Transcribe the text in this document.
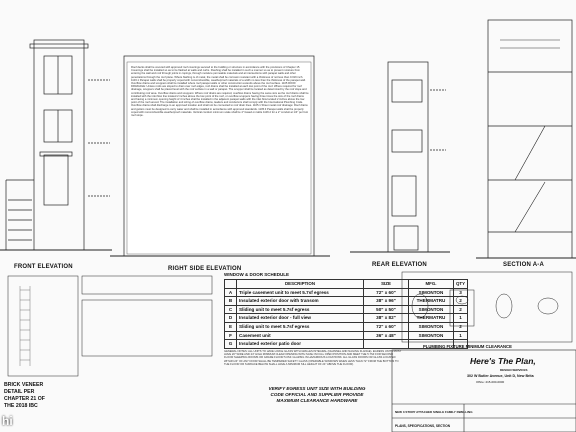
FRONT ELEVATION	RIGHT SIDE ELEVATION
REAR ELEVATION	SECTION A-A
Roof decks shall be covered with approved roof coverings secured to the building or structure in accordance with the provisions of Chapter 15. Coverings shall be installed so as to be flashed at walls and curbs. Flashing shall be installed in such a manner so as to prevent moisture from entering the wall and roof through joints in copings, through moisture permeable materials and at intersections with parapet walls and other penetrations through the roof plane. Where flashing is of metal, the metal shall be corrosion resistant with a thickness of not less than 0.019 inch. 1103.1 Parapet walls shall be properly coped with noncombustible, weatherproof materials of a width no less than the thickness of the parapet wall. Overflow drains and scuppers shall be installed where roof parapet walls or other construction extends above the roof surface. 1105 ROOF DRAINAGE: Unless roofs are sloped to drain over roof edges, roof drains shall be installed at each low point of the roof. Where required for roof drainage, scuppers shall be placed level with the roof surface in a wall or parapet. The scupper shall be located as determined by the roof slope and contributing roof area. Overflow drains and scuppers: Where roof drains are required, overflow drains having the same size as the roof drains shall be installed with the inlet flow line located 2 inches above the low point of the roof, or overflow scuppers having three times the size of the roof drains and having a minimum opening height of 4 inches shall be installed in the adjacent parapet walls with the inlet flow located 2 inches above the low point of the roof served. The installation and sizing of overflow drains, leaders and conductors shall comply with the International Plumbing Code. Overflow drains shall discharge to an approved location and shall not be connected to roof drain lines. 1105.1 Sheet metal roof drainage: Roof drains and gutters must be designed to carry water and shall be installed in accordance with approved standards. 1105.3 Parapet walls shall be properly coped with noncombustible weatherproof materials. Vertical conduct minimum scale shall be 4" based on table 1106.2 for a 2" conduit at 1/4" per foot roof slope.
WINDOW & DOOR SCHEDULE
	DESCRIPTION	SIZE	MFG.	QTY
A	Triple casement unit to meet 5.7sf egress	72" x 60"	SIMONTON	3
B	Insulated exterior door with transom	38" x 96"	THERMATRU	2
C	Sliding unit to meet 5.7sf egress	50" x 50"	SIMONTON	2
D	Insulated exterior door - full view	38" x 82"	THERMATRU	1
E	Sliding unit to meet 5.7sf egress	72" x 60"	SIMONTON	2
F	Casement unit	36" x 48"	SIMONTON	1
G	Insulated exterior patio door			
GENERAL NOTES: ALL UNITS TO HAVE LOW-E GLASS WITH GRILLES INTEGRAL (CHANNEL AND NAILING FLANGE). EGRESS UNITS MUST HAVE 20" WIDE AND 24" HIGH MINIMUM CLEAR OPENING WITH SASH IN FULL OPEN POSITION AND MEET THE 5.7SF FOR SECOND FLOOR SLEEPING ROOMS OR GRADE FLOOR 5.0SF. GLAZING IN HAZARDOUS LOCATIONS: ALL GLASS DOORS OR GLASS LOCATED WITHIN 24" OF ANY DOOR SHALL BE TEMPERED SAFETY GLASS (OPERABLE WINDOWS WHEN LESS THAN 72" FROM THE BOTTOM TO THE FLOOR OR SURFACE BELOW SHALL HAVE A MINIMUM SILL HEIGHT OF 24" ABOVE THE FLOOR).
VERIFY EGRESS UNIT SIZE WITH BUILDING CODE OFFICIAL AND SUPPLIER PROVIDE MAXIMUM CLEARANCE HARDWARE
PLUMBING FIXTURE MINIMUM CLEARANCE
BRICK VENEER DETAIL PER CHAPTER 21 OF THE 2018 IBC
Here's The Plan,
DESIGN SERVICES
302 W Butler Avenue, Unit D, New Brita
Office: 215-000-0000
NEW 3 STORY ATTACHED SINGLE FAMILY DWELLING
PLANS, SPECIFICATIONS, SECTION
hi
